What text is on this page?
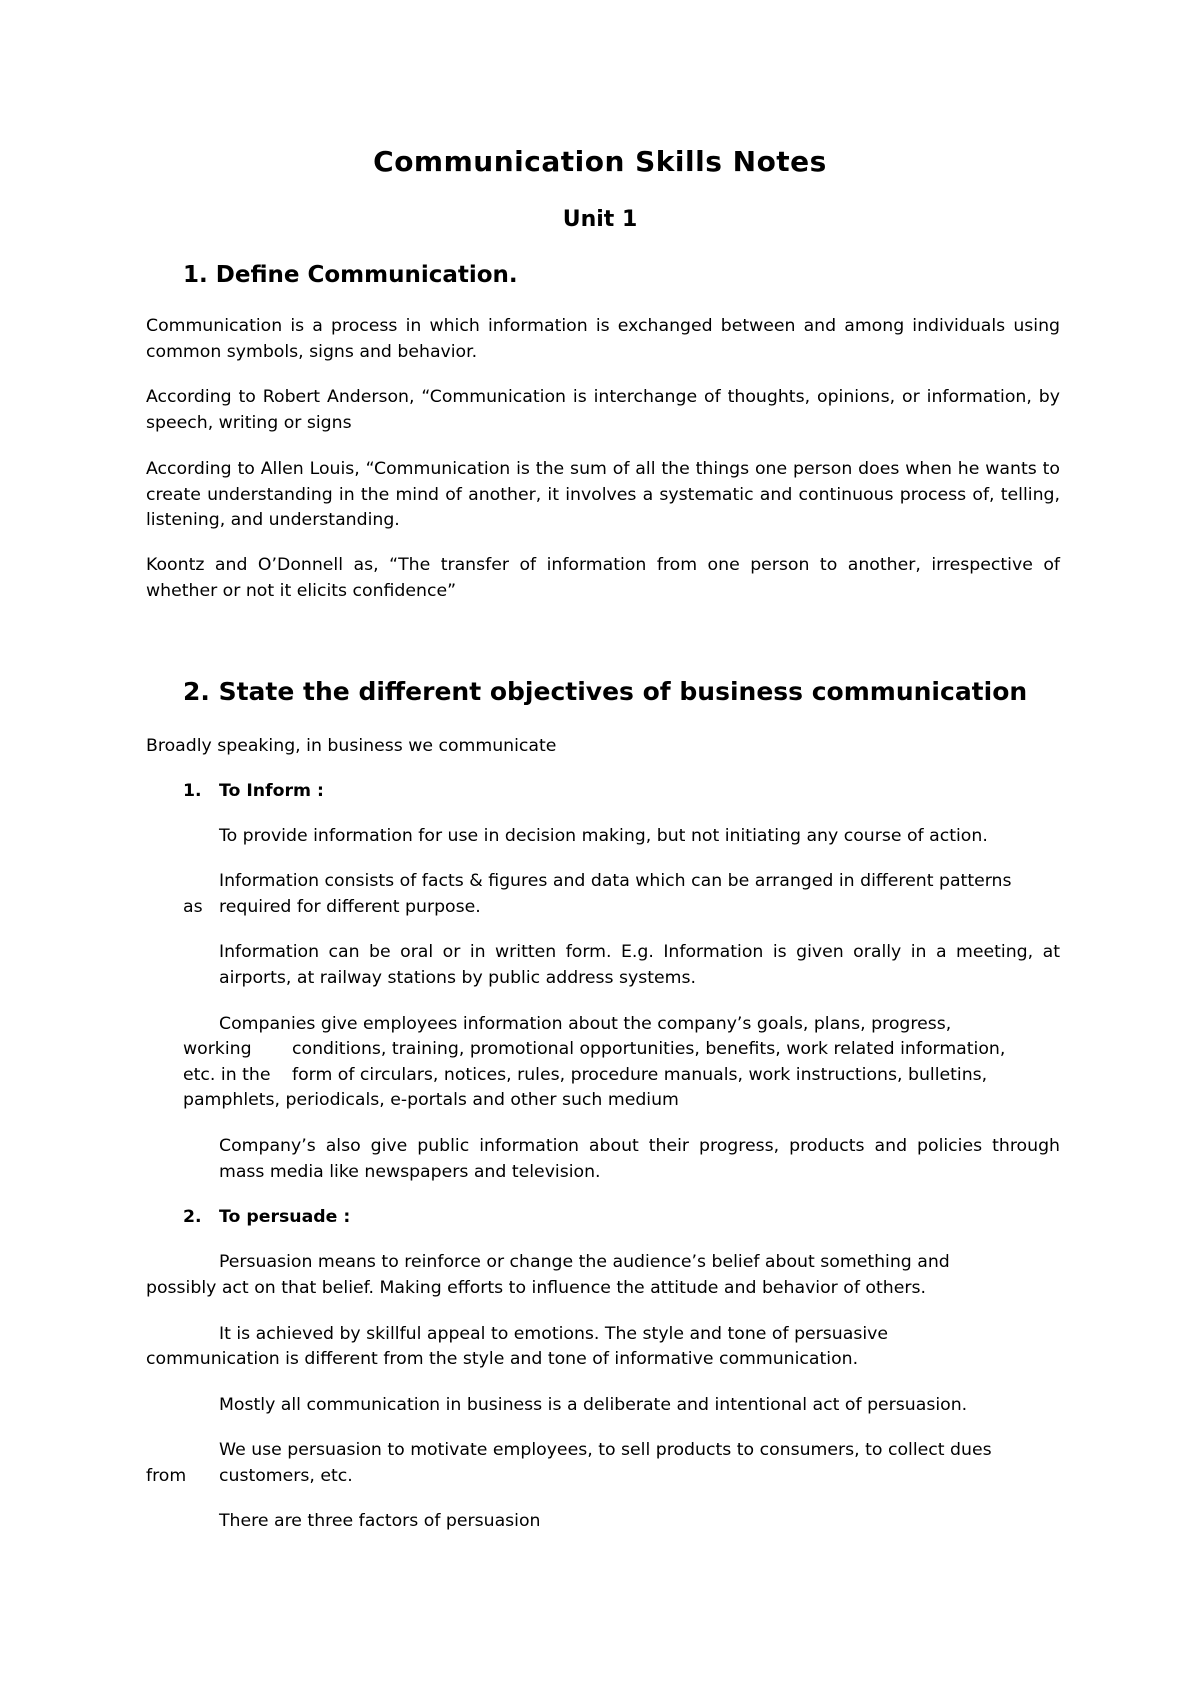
Communication Skills Notes
Unit 1
1. Define Communication.

Communication is a process in which information is exchanged between and among individuals using common symbols, signs and behavior.

According to Robert Anderson, “Communication is interchange of thoughts, opinions, or information, by speech, writing or signs

According to Allen Louis, “Communication is the sum of all the things one person does when he wants to create understanding in the mind of another, it involves a systematic and continuous process of, telling, listening, and understanding.

Koontz and O’Donnell as, “The transfer of information from one person to another, irrespective of whether or not it elicits confidence”

2. State the different objectives of business communication

Broadly speaking, in business we communicate

1. To Inform :

To provide information for use in decision making, but not initiating any course of action.

Information consists of facts & figures and data which can be arranged in different patterns

as required for different purpose.

Information can be oral or in written form. E.g. Information is given orally in a meeting, at airports, at railway stations by public address systems.

Companies give employees information about the company’s goals, plans, progress,

working conditions, training, promotional opportunities, benefits, work related information,

etc. in the form of circulars, notices, rules, procedure manuals, work instructions, bulletins,

pamphlets, periodicals, e-portals and other such medium

Company’s also give public information about their progress, products and policies through mass media like newspapers and television.

2. To persuade :

Persuasion means to reinforce or change the audience’s belief about something and

possibly act on that belief. Making efforts to influence the attitude and behavior of others.

It is achieved by skillful appeal to emotions. The style and tone of persuasive

communication is different from the style and tone of informative communication.

Mostly all communication in business is a deliberate and intentional act of persuasion.

We use persuasion to motivate employees, to sell products to consumers, to collect dues

from customers, etc.

There are three factors of persuasion
